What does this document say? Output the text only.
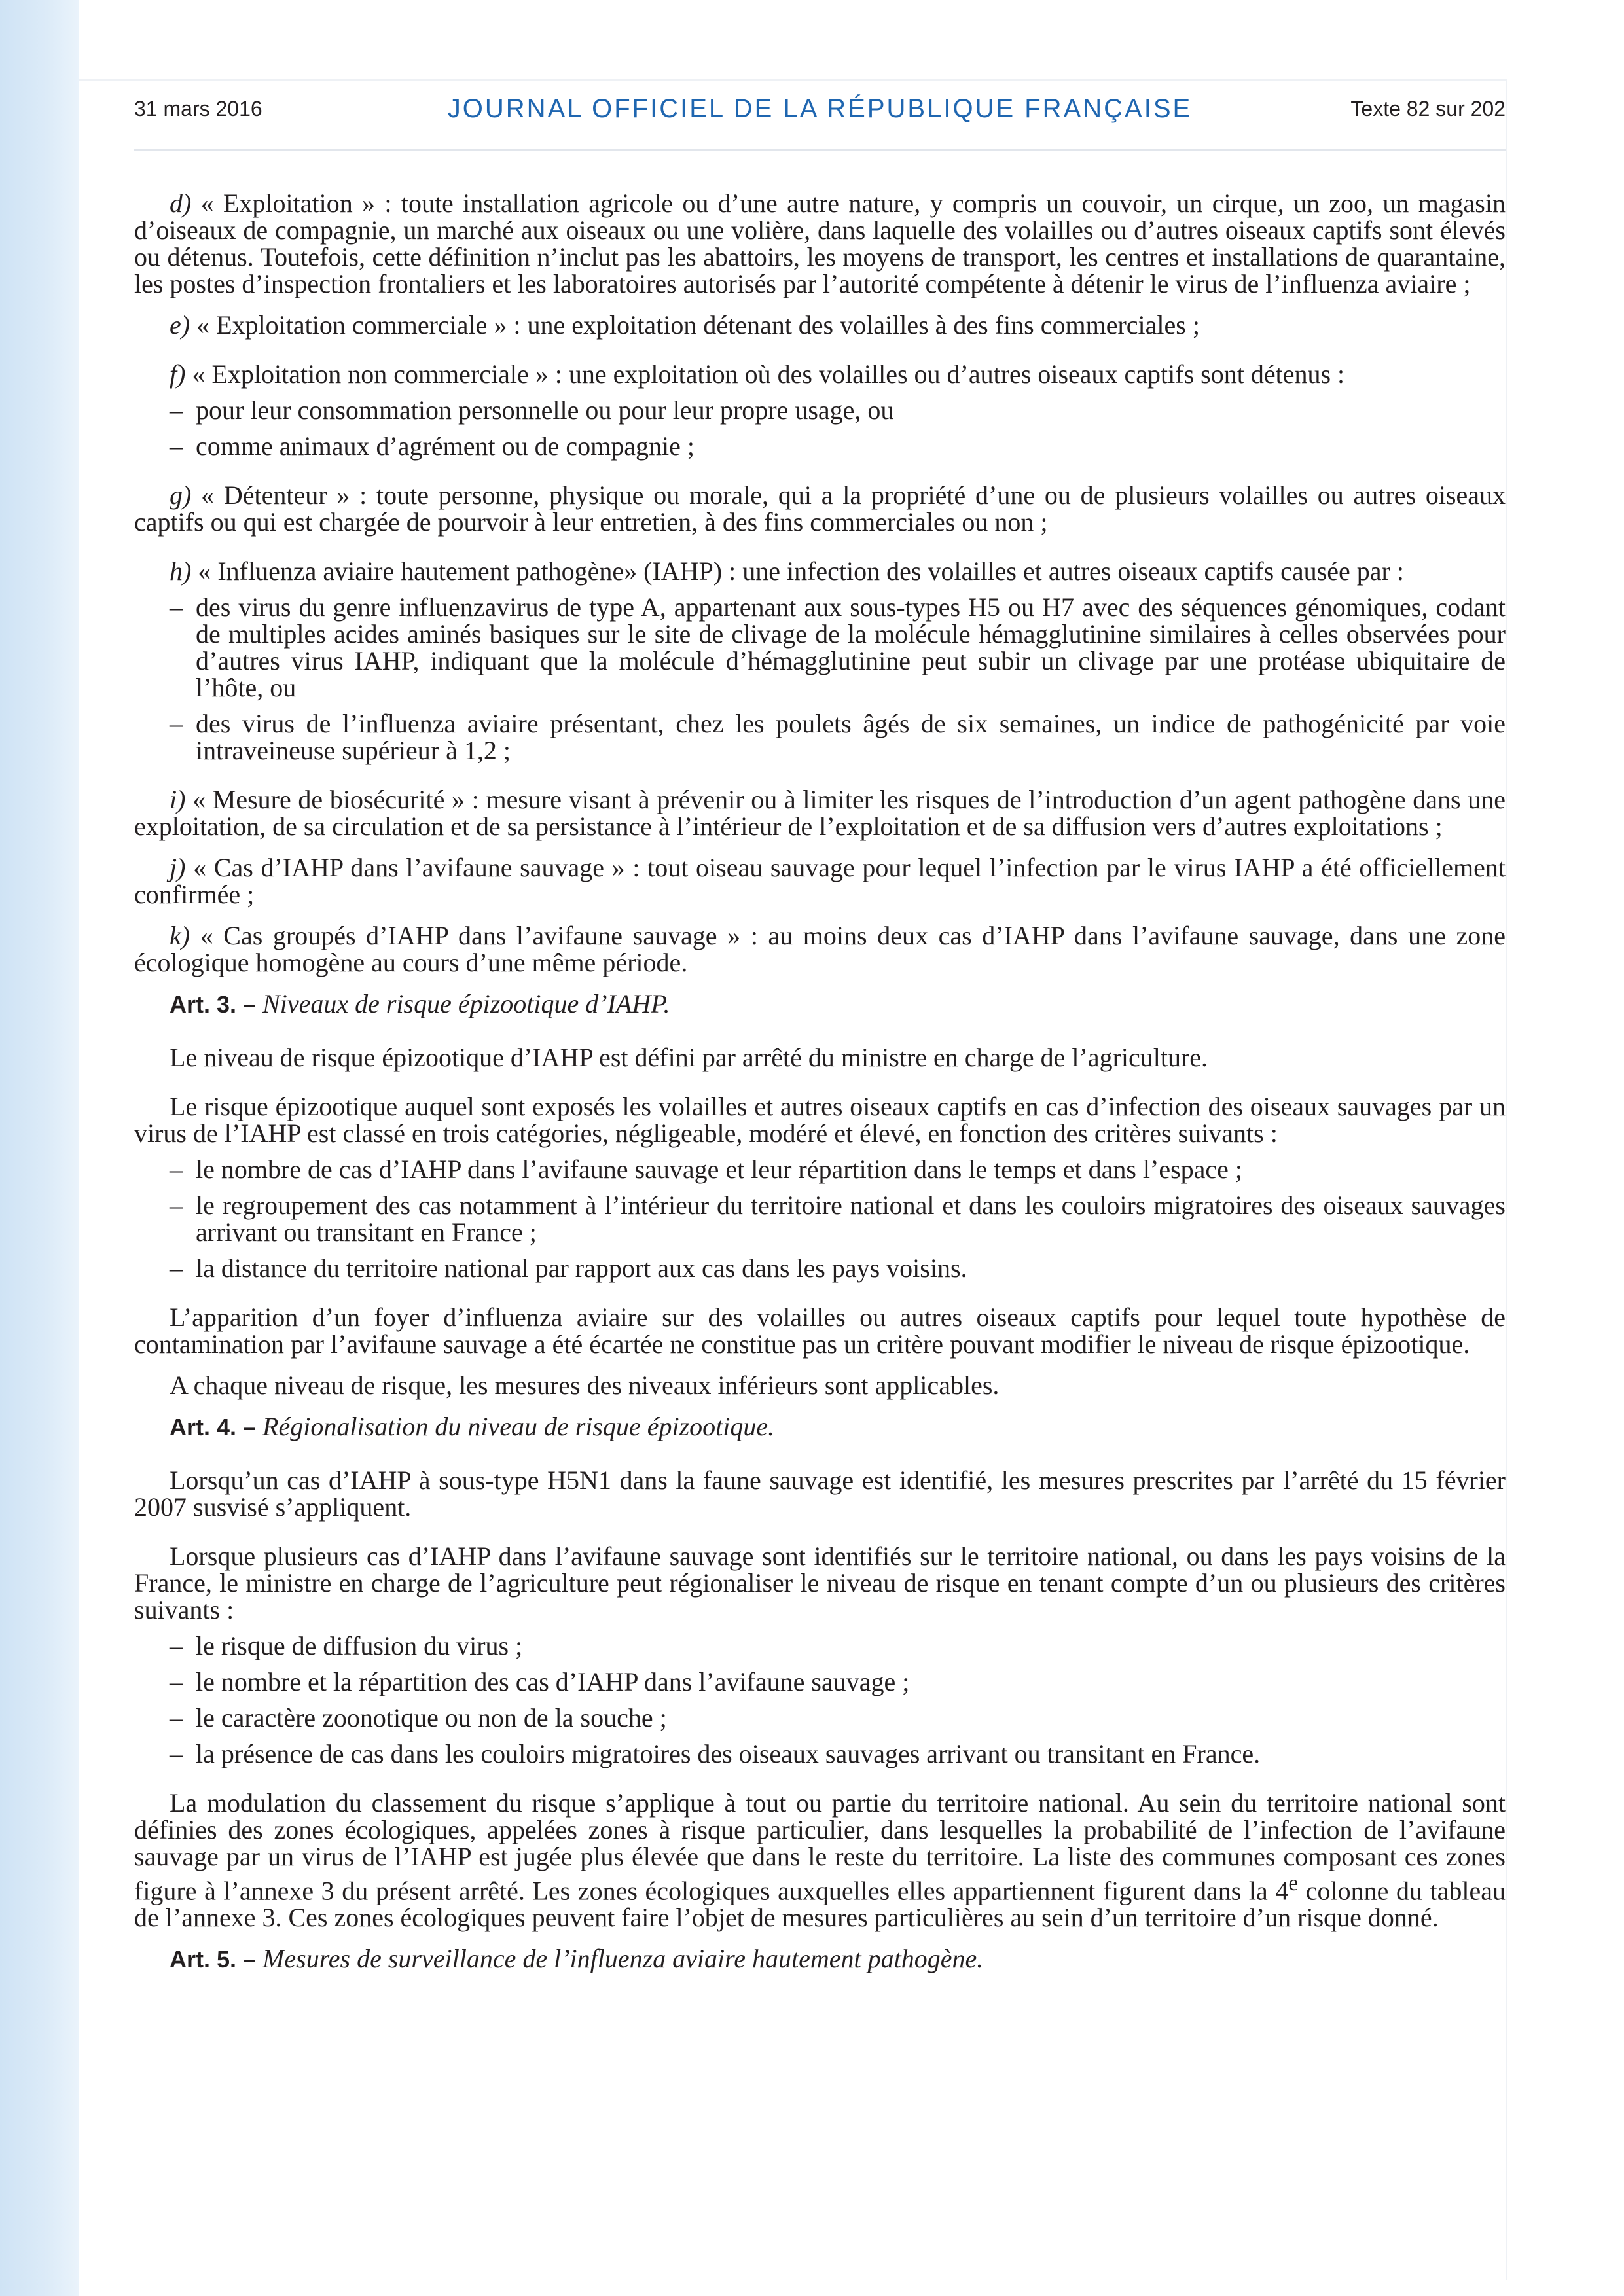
31 mars 2016	JOURNAL OFFICIEL DE LA RÉPUBLIQUE FRANÇAISE	Texte 82 sur 202

d) « Exploitation » : toute installation agricole ou d’une autre nature, y compris un couvoir, un cirque, un zoo, un magasin d’oiseaux de compagnie, un marché aux oiseaux ou une volière, dans laquelle des volailles ou d’autres oiseaux captifs sont élevés ou détenus. Toutefois, cette définition n’inclut pas les abattoirs, les moyens de transport, les centres et installations de quarantaine, les postes d’inspection frontaliers et les laboratoires autorisés par l’autorité compétente à détenir le virus de l’influenza aviaire ;

e) « Exploitation commerciale » : une exploitation détenant des volailles à des fins commerciales ;

f) « Exploitation non commerciale » : une exploitation où des volailles ou d’autres oiseaux captifs sont détenus :

– pour leur consommation personnelle ou pour leur propre usage, ou

– comme animaux d’agrément ou de compagnie ;

g) « Détenteur » : toute personne, physique ou morale, qui a la propriété d’une ou de plusieurs volailles ou autres oiseaux captifs ou qui est chargée de pourvoir à leur entretien, à des fins commerciales ou non ;

h) « Influenza aviaire hautement pathogène» (IAHP) : une infection des volailles et autres oiseaux captifs causée par :

– des virus du genre influenzavirus de type A, appartenant aux sous-types H5 ou H7 avec des séquences génomiques, codant de multiples acides aminés basiques sur le site de clivage de la molécule hémagglutinine similaires à celles observées pour d’autres virus IAHP, indiquant que la molécule d’hémagglutinine peut subir un clivage par une protéase ubiquitaire de l’hôte, ou

– des virus de l’influenza aviaire présentant, chez les poulets âgés de six semaines, un indice de pathogénicité par voie intraveineuse supérieur à 1,2 ;

i) « Mesure de biosécurité » : mesure visant à prévenir ou à limiter les risques de l’introduction d’un agent pathogène dans une exploitation, de sa circulation et de sa persistance à l’intérieur de l’exploitation et de sa diffusion vers d’autres exploitations ;

j) « Cas d’IAHP dans l’avifaune sauvage » : tout oiseau sauvage pour lequel l’infection par le virus IAHP a été officiellement confirmée ;

k) « Cas groupés d’IAHP dans l’avifaune sauvage » : au moins deux cas d’IAHP dans l’avifaune sauvage, dans une zone écologique homogène au cours d’une même période.

Art. 3. – Niveaux de risque épizootique d’IAHP.

Le niveau de risque épizootique d’IAHP est défini par arrêté du ministre en charge de l’agriculture.

Le risque épizootique auquel sont exposés les volailles et autres oiseaux captifs en cas d’infection des oiseaux sauvages par un virus de l’IAHP est classé en trois catégories, négligeable, modéré et élevé, en fonction des critères suivants :

– le nombre de cas d’IAHP dans l’avifaune sauvage et leur répartition dans le temps et dans l’espace ;

– le regroupement des cas notamment à l’intérieur du territoire national et dans les couloirs migratoires des oiseaux sauvages arrivant ou transitant en France ;

– la distance du territoire national par rapport aux cas dans les pays voisins.

L’apparition d’un foyer d’influenza aviaire sur des volailles ou autres oiseaux captifs pour lequel toute hypothèse de contamination par l’avifaune sauvage a été écartée ne constitue pas un critère pouvant modifier le niveau de risque épizootique.

A chaque niveau de risque, les mesures des niveaux inférieurs sont applicables.

Art. 4. – Régionalisation du niveau de risque épizootique.

Lorsqu’un cas d’IAHP à sous-type H5N1 dans la faune sauvage est identifié, les mesures prescrites par l’arrêté du 15 février 2007 susvisé s’appliquent.

Lorsque plusieurs cas d’IAHP dans l’avifaune sauvage sont identifiés sur le territoire national, ou dans les pays voisins de la France, le ministre en charge de l’agriculture peut régionaliser le niveau de risque en tenant compte d’un ou plusieurs des critères suivants :

– le risque de diffusion du virus ;

– le nombre et la répartition des cas d’IAHP dans l’avifaune sauvage ;

– le caractère zoonotique ou non de la souche ;

– la présence de cas dans les couloirs migratoires des oiseaux sauvages arrivant ou transitant en France.

La modulation du classement du risque s’applique à tout ou partie du territoire national. Au sein du territoire national sont définies des zones écologiques, appelées zones à risque particulier, dans lesquelles la probabilité de l’infection de l’avifaune sauvage par un virus de l’IAHP est jugée plus élevée que dans le reste du territoire. La liste des communes composant ces zones figure à l’annexe 3 du présent arrêté. Les zones écologiques auxquelles elles appartiennent figurent dans la 4e colonne du tableau de l’annexe 3. Ces zones écologiques peuvent faire l’objet de mesures particulières au sein d’un territoire d’un risque donné.

Art. 5. – Mesures de surveillance de l’influenza aviaire hautement pathogène.
